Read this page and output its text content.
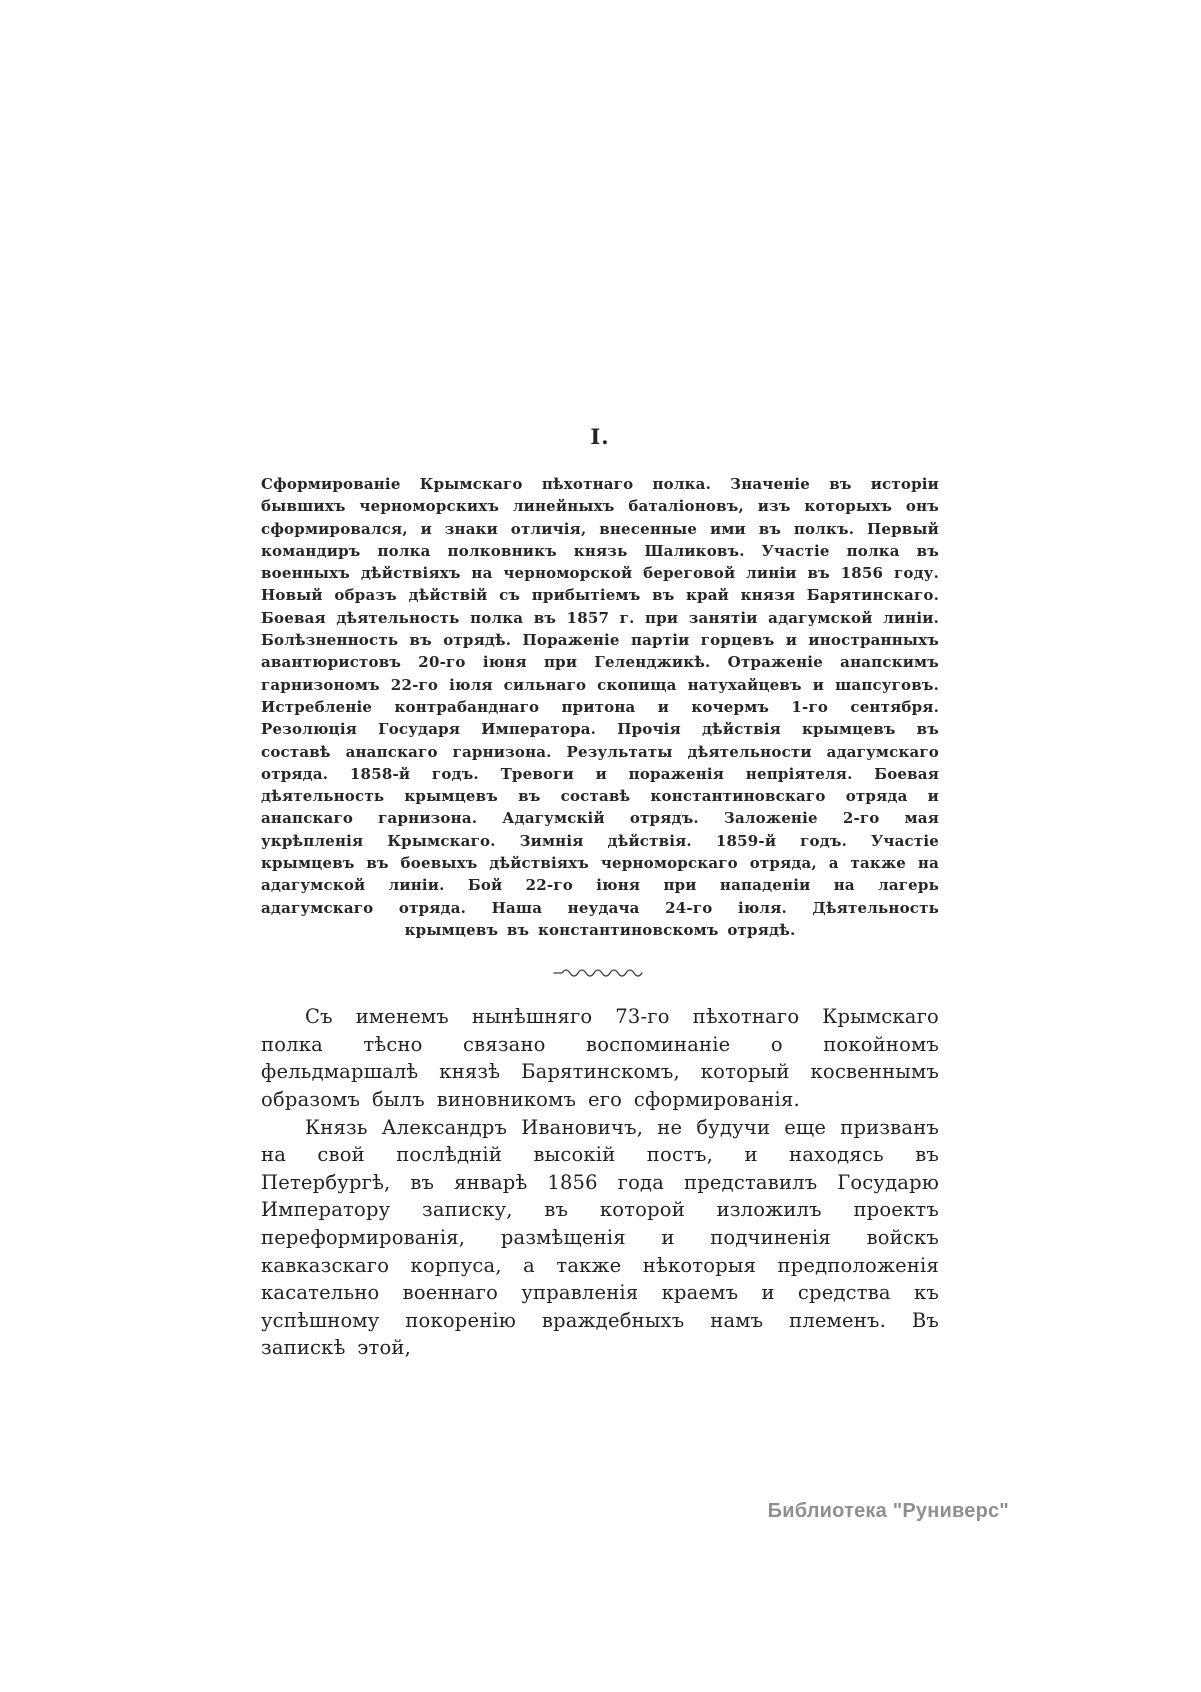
I.

Сформированіе Крымскаго пѣхотнаго полка. Значеніе въ исторіи бывшихъ черноморскихъ линейныхъ баталіоновъ, изъ которыхъ онъ сформировался, и знаки отличія, внесенные ими въ полкъ. Первый командиръ полка полковникъ князь Шаликовъ. Участіе полка въ военныхъ дѣйствіяхъ на черноморской береговой линіи въ 1856 году. Новый образъ дѣйствій съ прибытіемъ въ край князя Барятинскаго. Боевая дѣятельность полка въ 1857 г. при занятіи адагумской линіи. Болѣзненность въ отрядѣ. Пораженіе партіи горцевъ и иностранныхъ авантюристовъ 20-го іюня при Геленджикѣ. Отраженіе анапскимъ гарнизономъ 22-го іюля сильнаго скопища натухайцевъ и шапсуговъ. Истребленіе контрабанднаго притона и кочермъ 1-го сентября. Резолюція Государя Императора. Прочія дѣйствія крымцевъ въ составѣ анапскаго гарнизона. Результаты дѣятельности адагумскаго отряда. 1858-й годъ. Тревоги и пораженія непріятеля. Боевая дѣятельность крымцевъ въ составѣ константиновскаго отряда и анапскаго гарнизона. Адагумскій отрядъ. Заложеніе 2-го мая укрѣпленія Крымскаго. Зимнія дѣйствія. 1859-й годъ. Участіе крымцевъ въ боевыхъ дѣйствіяхъ черноморскаго отряда, а также на адагумской линіи. Бой 22-го іюня при нападеніи на лагерь адагумскаго отряда. Наша неудача 24-го іюля. Дѣятельность крымцевъ въ константиновскомъ отрядѣ.

Съ именемъ нынѣшняго 73-го пѣхотнаго Крымскаго полка тѣсно связано воспоминаніе о покойномъ фельдмаршалѣ князѣ Барятинскомъ, который косвеннымъ образомъ былъ виновникомъ его сформированія.

Князь Александръ Ивановичъ, не будучи еще призванъ на свой послѣдній высокій постъ, и находясь въ Петербургѣ, въ январѣ 1856 года представилъ Государю Императору записку, въ которой изложилъ проектъ переформированія, размѣщенія и подчиненія войскъ кавказскаго корпуса, а также нѣкоторыя предположенія касательно военнаго управленія краемъ и средства къ успѣшному покоренію враждебныхъ намъ племенъ. Въ запискѣ этой,

Библиотека "Руниверс"
